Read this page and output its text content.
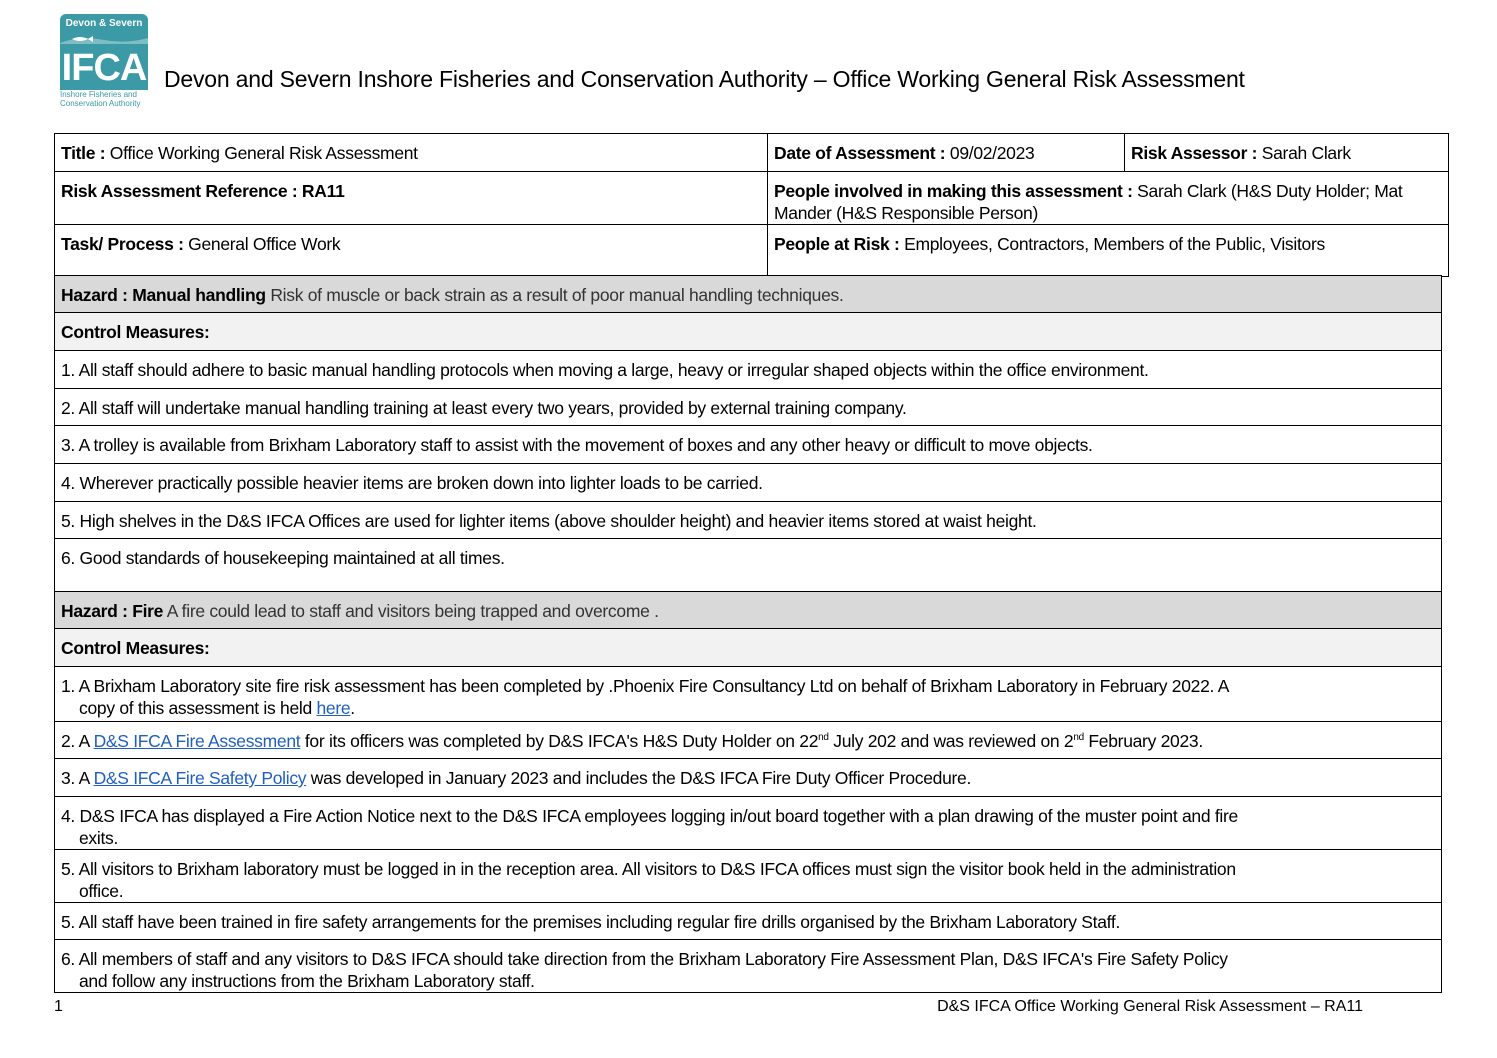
Devon & Severn
IFCA
Inshore Fisheries and
Conservation Authority
Devon and Severn Inshore Fisheries and Conservation Authority – Office Working General Risk Assessment
Title : Office Working General Risk Assessment	Date of Assessment : 09/02/2023	Risk Assessor : Sarah Clark
Risk Assessment Reference : RA11	People involved in making this assessment : Sarah Clark (H&S Duty Holder; Mat Mander (H&S Responsible Person)	
Task/ Process : General Office Work	People at Risk : Employees, Contractors, Members of the Public, Visitors	
Hazard : Manual handling Risk of muscle or back strain as a result of poor manual handling techniques.
Control Measures:
1. All staff should adhere to basic manual handling protocols when moving a large, heavy or irregular shaped objects within the office environment.
2. All staff will undertake manual handling training at least every two years, provided by external training company.
3. A trolley is available from Brixham Laboratory staff to assist with the movement of boxes and any other heavy or difficult to move objects.
4. Wherever practically possible heavier items are broken down into lighter loads to be carried.
5. High shelves in the D&S IFCA Offices are used for lighter items (above shoulder height) and heavier items stored at waist height.
6. Good standards of housekeeping maintained at all times.
Hazard : Fire A fire could lead to staff and visitors being trapped and overcome .
Control Measures:
1. A Brixham Laboratory site fire risk assessment has been completed by .Phoenix Fire Consultancy Ltd on behalf of Brixham Laboratory in February 2022. A
copy of this assessment is held here.

2. A D&S IFCA Fire Assessment for its officers was completed by D&S IFCA's H&S Duty Holder on 22nd July 202 and was reviewed on 2nd February 2023.
3. A D&S IFCA Fire Safety Policy was developed in January 2023 and includes the D&S IFCA Fire Duty Officer Procedure.
4. D&S IFCA has displayed a Fire Action Notice next to the D&S IFCA employees logging in/out board together with a plan drawing of the muster point and fire
exits.

5. All visitors to Brixham laboratory must be logged in in the reception area. All visitors to D&S IFCA offices must sign the visitor book held in the administration
office.

5. All staff have been trained in fire safety arrangements for the premises including regular fire drills organised by the Brixham Laboratory Staff.
6. All members of staff and any visitors to D&S IFCA should take direction from the Brixham Laboratory Fire Assessment Plan, D&S IFCA's Fire Safety Policy
and follow any instructions from the Brixham Laboratory staff.
1	D&S IFCA Office Working General Risk Assessment – RA11
